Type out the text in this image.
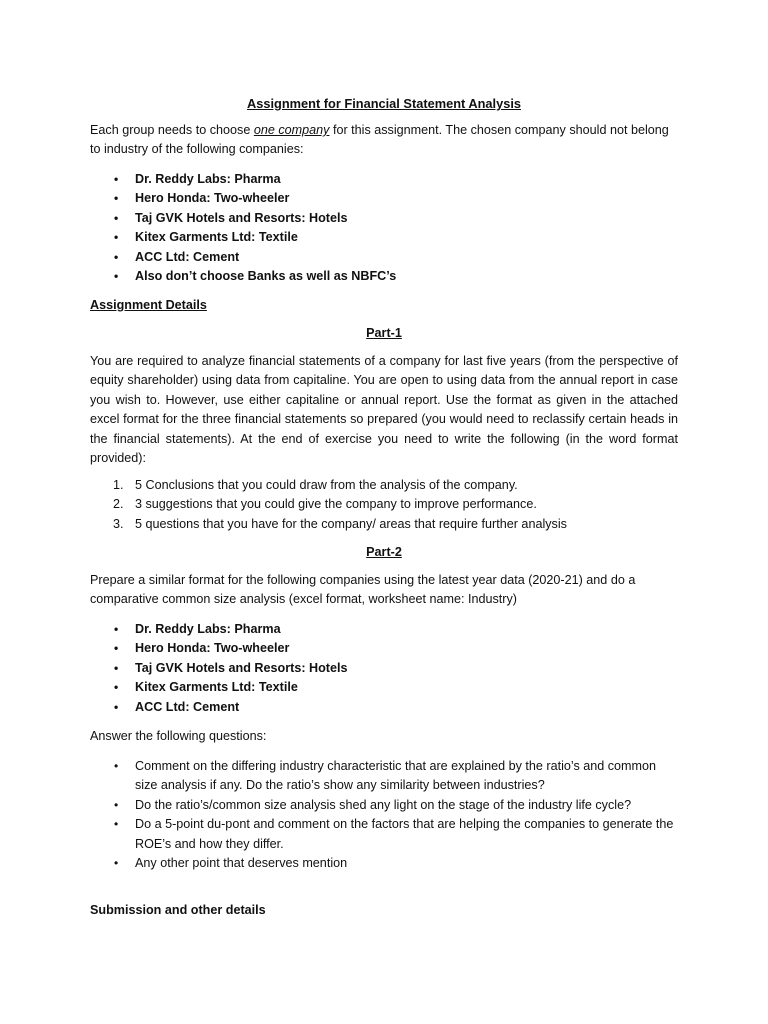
Assignment for Financial Statement Analysis

Each group needs to choose one company for this assignment. The chosen company should not belong to industry of the following companies:

• Dr. Reddy Labs: Pharma
• Hero Honda: Two-wheeler
• Taj GVK Hotels and Resorts: Hotels
• Kitex Garments Ltd: Textile
• ACC Ltd: Cement
• Also don’t choose Banks as well as NBFC’s
Assignment Details
Part-1

You are required to analyze financial statements of a company for last five years (from the perspective of equity shareholder) using data from capitaline. You are open to using data from the annual report in case you wish to. However, use either capitaline or annual report. Use the format as given in the attached excel format for the three financial statements so prepared (you would need to reclassify certain heads in the financial statements). At the end of exercise you need to write the following (in the word format provided):

1. 5 Conclusions that you could draw from the analysis of the company.
2. 3 suggestions that you could give the company to improve performance.
3. 5 questions that you have for the company/ areas that require further analysis
Part-2

Prepare a similar format for the following companies using the latest year data (2020-21) and do a comparative common size analysis (excel format, worksheet name: Industry)

• Dr. Reddy Labs: Pharma
• Hero Honda: Two-wheeler
• Taj GVK Hotels and Resorts: Hotels
• Kitex Garments Ltd: Textile
• ACC Ltd: Cement

Answer the following questions:

• Comment on the differing industry characteristic that are explained by the ratio’s and common size analysis if any. Do the ratio’s show any similarity between industries?
• Do the ratio’s/common size analysis shed any light on the stage of the industry life cycle?
• Do a 5-point du-pont and comment on the factors that are helping the companies to generate the ROE’s and how they differ.
• Any other point that deserves mention
Submission and other details
